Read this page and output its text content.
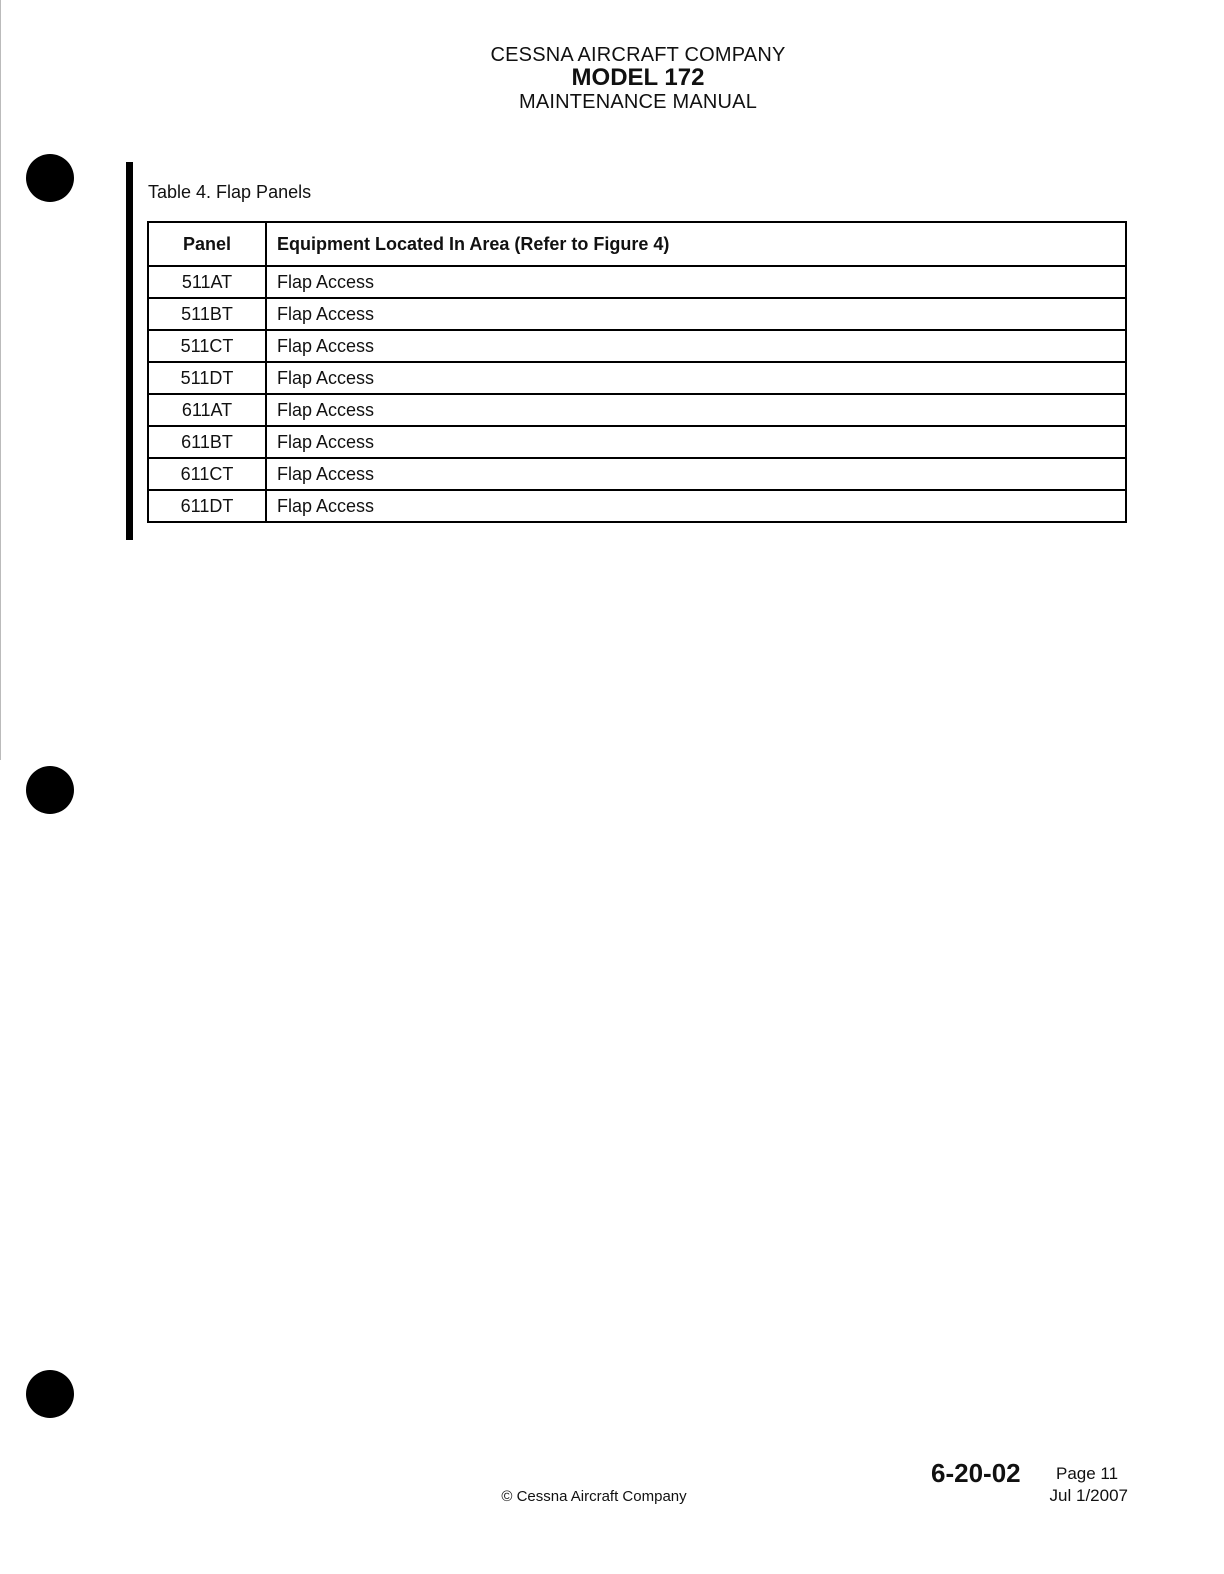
CESSNA AIRCRAFT COMPANY
MODEL 172
MAINTENANCE MANUAL
Table 4. Flap Panels
Panel	Equipment Located In Area (Refer to Figure 4)
511AT	Flap Access
511BT	Flap Access
511CT	Flap Access
511DT	Flap Access
611AT	Flap Access
611BT	Flap Access
611CT	Flap Access
611DT	Flap Access
6-20-02 Page 11
Jul 1/2007
© Cessna Aircraft Company
